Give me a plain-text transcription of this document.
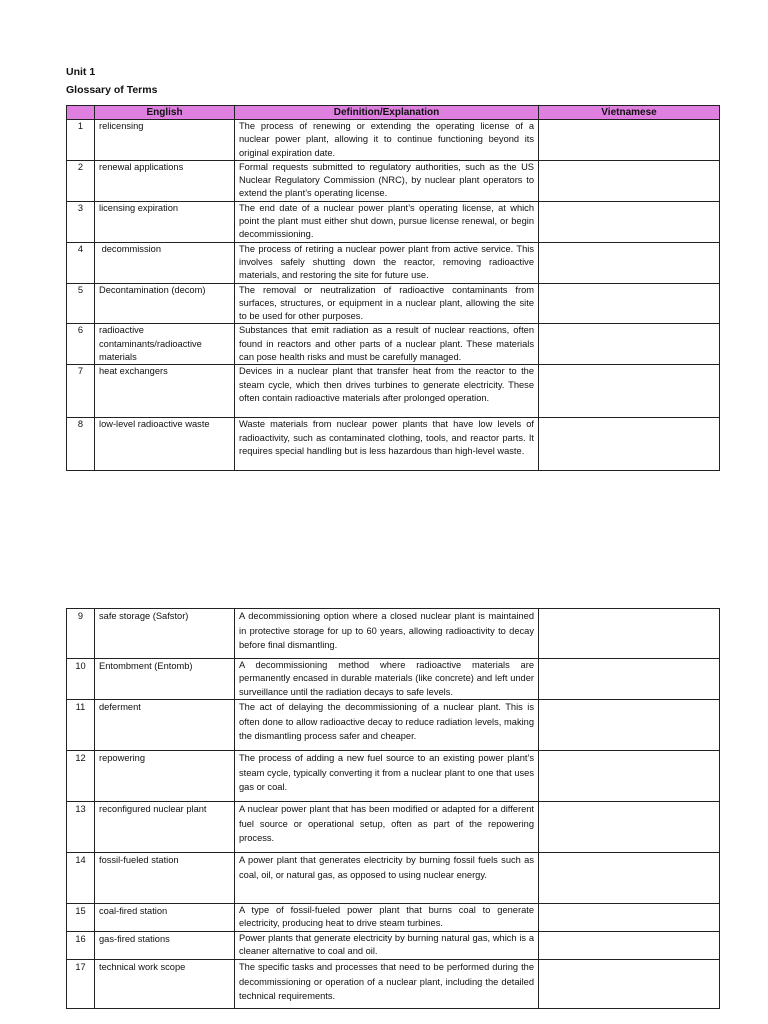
Unit 1
Glossary of Terms
	English	Definition/Explanation	Vietnamese
1	relicensing	The process of renewing or extending the operating license of a nuclear power plant, allowing it to continue functioning beyond its original expiration date.	
2	renewal applications	Formal requests submitted to regulatory authorities, such as the US Nuclear Regulatory Commission (NRC), by nuclear plant operators to extend the plant’s operating license.	
3	licensing expiration	The end date of a nuclear power plant’s operating license, at which point the plant must either shut down, pursue license renewal, or begin decommissioning.	
4	decommission	The process of retiring a nuclear power plant from active service. This involves safely shutting down the reactor, removing radioactive materials, and restoring the site for future use.	
5	Decontamination (decom)	The removal or neutralization of radioactive contaminants from surfaces, structures, or equipment in a nuclear plant, allowing the site to be used for other purposes.	
6	radioactive contaminants/radioactive materials	Substances that emit radiation as a result of nuclear reactions, often found in reactors and other parts of a nuclear plant. These materials can pose health risks and must be carefully managed.	
7	heat exchangers	Devices in a nuclear plant that transfer heat from the reactor to the steam cycle, which then drives turbines to generate electricity. These often contain radioactive materials after prolonged operation.	
8	low-level radioactive waste	Waste materials from nuclear power plants that have low levels of radioactivity, such as contaminated clothing, tools, and reactor parts. It requires special handling but is less hazardous than high-level waste.	
9	safe storage (Safstor)	A decommissioning option where a closed nuclear plant is maintained in protective storage for up to 60 years, allowing radioactivity to decay before final dismantling.	
10	Entombment (Entomb)	A decommissioning method where radioactive materials are permanently encased in durable materials (like concrete) and left under surveillance until the radiation decays to safe levels.	
11	deferment	The act of delaying the decommissioning of a nuclear plant. This is often done to allow radioactive decay to reduce radiation levels, making the dismantling process safer and cheaper.	
12	repowering	The process of adding a new fuel source to an existing power plant’s steam cycle, typically converting it from a nuclear plant to one that uses gas or coal.	
13	reconfigured nuclear plant	A nuclear power plant that has been modified or adapted for a different fuel source or operational setup, often as part of the repowering process.	
14	fossil-fueled station	A power plant that generates electricity by burning fossil fuels such as coal, oil, or natural gas, as opposed to using nuclear energy.	
15	coal-fired station	A type of fossil-fueled power plant that burns coal to generate electricity, producing heat to drive steam turbines.	
16	gas-fired stations	Power plants that generate electricity by burning natural gas, which is a cleaner alternative to coal and oil.	
17	technical work scope	The specific tasks and processes that need to be performed during the decommissioning or operation of a nuclear plant, including the detailed technical requirements.	
